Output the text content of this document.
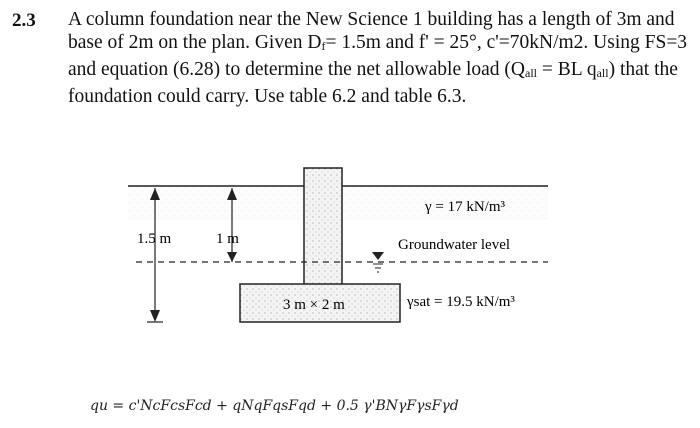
2.3 A column foundation near the New Science 1 building has a length of 3m and
base of 2m on the plan. Given Df= 1.5m and f' = 25°, c'=70kN/m2. Using FS=3
and equation (6.28) to determine the net allowable load (Qall = BL qall) that the
foundation could carry. Use table 6.2 and table 6.3.
1.5 m	1 m
3 m × 2 m
γ = 17 kN/m³
Groundwater level
γsat = 19.5 kN/m³
qu = c'NcFcsFcd + qNqFqsFqd + 0.5 γ'BNγFγsFγd
